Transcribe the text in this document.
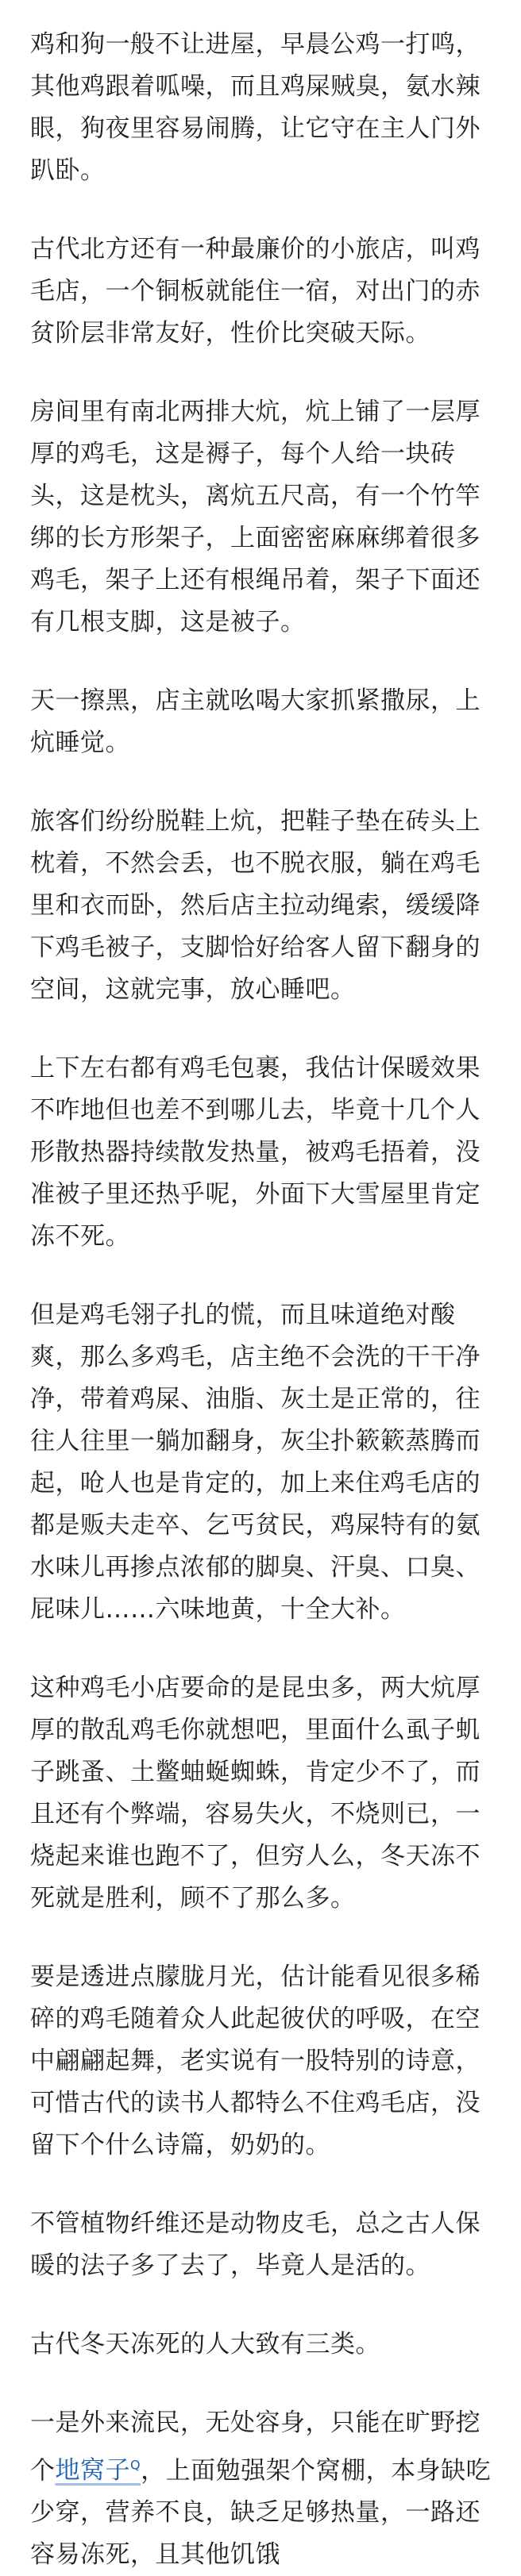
鸡和狗一般不让进屋，早晨公鸡一打鸣，其他鸡跟着呱噪，而且鸡屎贼臭，氨水辣眼，狗夜里容易闹腾，让它守在主人门外趴卧。

古代北方还有一种最廉价的小旅店，叫鸡毛店，一个铜板就能住一宿，对出门的赤贫阶层非常友好，性价比突破天际。

房间里有南北两排大炕，炕上铺了一层厚厚的鸡毛，这是褥子，每个人给一块砖头，这是枕头，离炕五尺高，有一个竹竿绑的长方形架子，上面密密麻麻绑着很多鸡毛，架子上还有根绳吊着，架子下面还有几根支脚，这是被子。

天一擦黑，店主就吆喝大家抓紧撒尿，上炕睡觉。

旅客们纷纷脱鞋上炕，把鞋子垫在砖头上枕着，不然会丢，也不脱衣服，躺在鸡毛里和衣而卧，然后店主拉动绳索，缓缓降下鸡毛被子，支脚恰好给客人留下翻身的空间，这就完事，放心睡吧。

上下左右都有鸡毛包裹，我估计保暖效果不咋地但也差不到哪儿去，毕竟十几个人形散热器持续散发热量，被鸡毛捂着，没准被子里还热乎呢，外面下大雪屋里肯定冻不死。

但是鸡毛翎子扎的慌，而且味道绝对酸爽，那么多鸡毛，店主绝不会洗的干干净净，带着鸡屎、油脂、灰土是正常的，往往人往里一躺加翻身，灰尘扑簌簌蒸腾而起，呛人也是肯定的，加上来住鸡毛店的都是贩夫走卒、乞丐贫民，鸡屎特有的氨水味儿再掺点浓郁的脚臭、汗臭、口臭、屁味儿……六味地黄，十全大补。

这种鸡毛小店要命的是昆虫多，两大炕厚厚的散乱鸡毛你就想吧，里面什么虱子虮子跳蚤、土鳖蚰蜒蜘蛛，肯定少不了，而且还有个弊端，容易失火，不烧则已，一烧起来谁也跑不了，但穷人么，冬天冻不死就是胜利，顾不了那么多。

要是透进点朦胧月光，估计能看见很多稀碎的鸡毛随着众人此起彼伏的呼吸，在空中翩翩起舞，老实说有一股特别的诗意，可惜古代的读书人都特么不住鸡毛店，没留下个什么诗篇，奶奶的。

不管植物纤维还是动物皮毛，总之古人保暖的法子多了去了，毕竟人是活的。

古代冬天冻死的人大致有三类。

一是外来流民，无处容身，只能在旷野挖个地窝子$^Q$，上面勉强架个窝棚，本身缺吃少穿，营养不良，缺乏足够热量，一路还容易冻死，且其他饥饿
